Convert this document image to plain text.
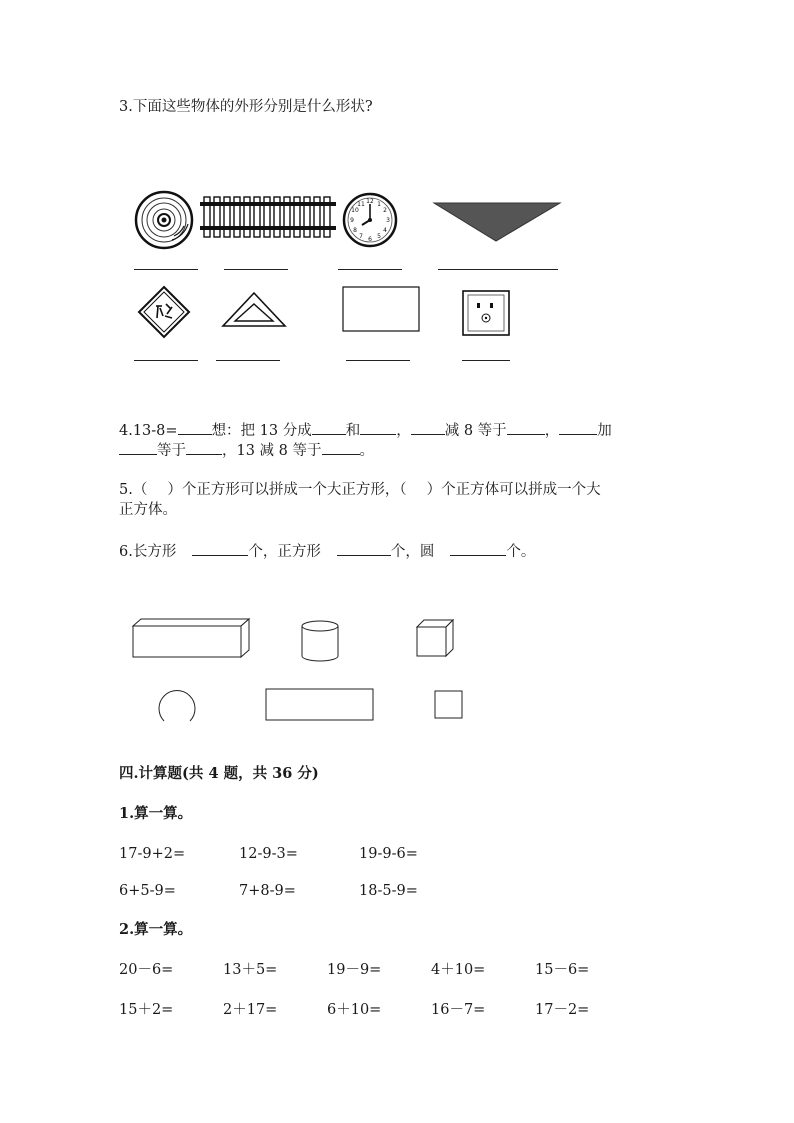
3.下面这些物体的外形分别是什么形状?
12 1
2
3
4
5
6
7
8
9
10
11
4.13-8= 想：把 13 分成 和 ， 减 8 等于	，	加
等于 ，13 减 8 等于	。
5.（ ）个正方形可以拼成一个大正方形，（ ）个正方体可以拼成一个大
正方体。
6.长方形	个，正方形	个，圆	个。
四.计算题(共 4 题，共 36 分)
1.算一算。
17-9+2=	12-9-3=	19-9-6=
6+5-9=	7+8-9=	18-5-9=
2.算一算。
20－6=	13＋5=	19－9=	4＋10=	15－6=
15＋2=	2＋17=	6＋10=	16－7=	17－2=
